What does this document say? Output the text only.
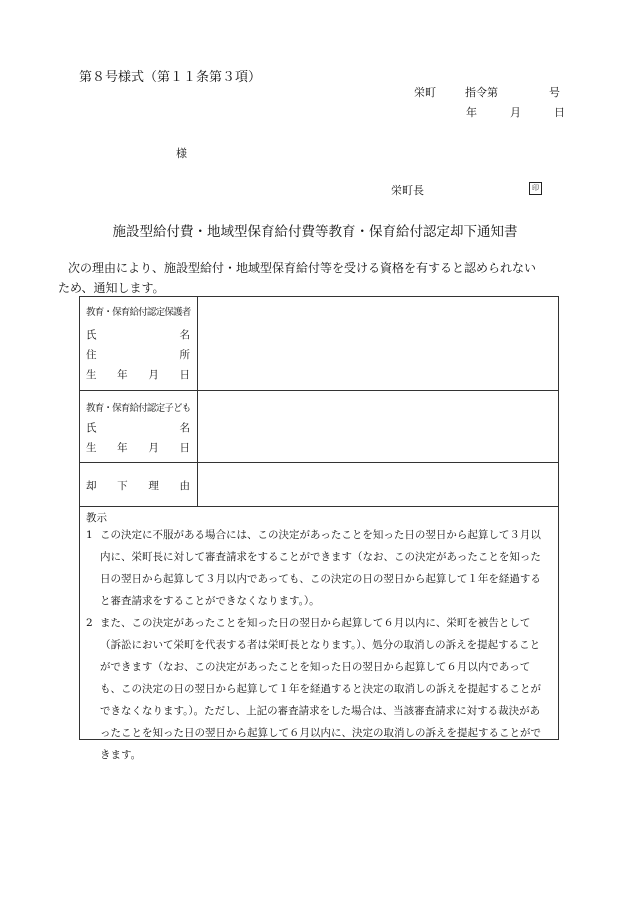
第８号様式（第１１条第３項）
栄町	指令第	号
年	月	日
様
栄町長	印
施設型給付費・地域型保育給付費等教育・保育給付認定却下通知書
次の理由により、施設型給付・地域型保育給付等を受ける資格を有すると認められない
ため、通知します。
教育・保育給付認定保護者
氏	名
住	所
生 年 月 日
教育・保育給付認定子ども
氏	名
生 年 月 日
却 下 理 由
教示
1 この決定に不服がある場合には、この決定があったことを知った日の翌日から起算して３月以内に、栄町長に対して審査請求をすることができます（なお、この決定があったことを知った日の翌日から起算して３月以内であっても、この決定の日の翌日から起算して１年を経過すると審査請求をすることができなくなります。）。
2 また、この決定があったことを知った日の翌日から起算して６月以内に、栄町を被告として（訴訟において栄町を代表する者は栄町長となります。）、処分の取消しの訴えを提起することができます（なお、この決定があったことを知った日の翌日から起算して６月以内であっても、この決定の日の翌日から起算して１年を経過すると決定の取消しの訴えを提起することができなくなります。）。ただし、上記の審査請求をした場合は、当該審査請求に対する裁決があったことを知った日の翌日から起算して６月以内に、決定の取消しの訴えを提起することができます。
